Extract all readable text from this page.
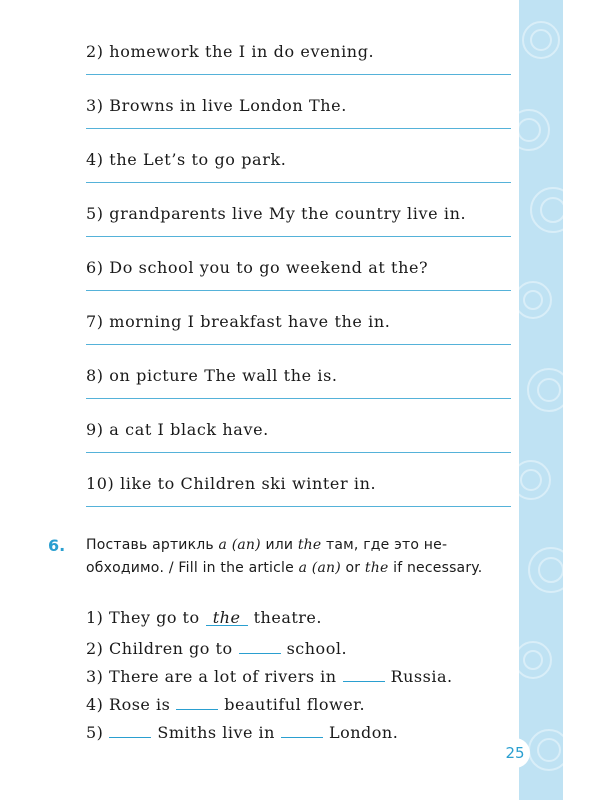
2) homework the I in do evening.
3) Browns in live London The.
4) the Let’s to go park.
5) grandparents live My the country live in.
6) Do school you to go weekend at the?
7) morning I breakfast have the in.
8) on picture The wall the is.
9) a cat I black have.
10) like to Children ski winter in.
6. Поставь артикль a (an) или the там, где это не-обходимо. / Fill in the article a (an) or the if necessary.
1) They go to the theatre.
2) Children go to	school.
3) There are a lot of rivers in	Russia.
4) Rose is	beautiful flower.
5)	Smiths live in	London.
25
